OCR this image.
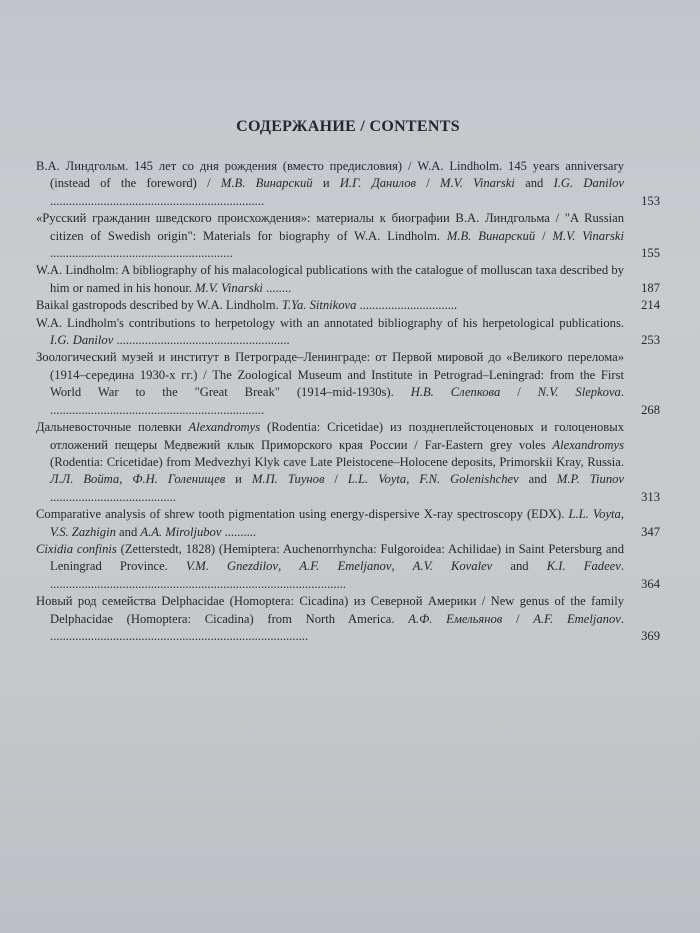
СОДЕРЖАНИЕ / CONTENTS
В.А. Линдгольм. 145 лет со дня рождения (вместо предисловия) / W.A. Lindholm. 145 years anniversary (instead of the foreword) / М.В. Винарский и И.Г. Данилов / M.V. Vinarski and I.G. Danilov ....................................................................	153
«Русский гражданин шведского происхождения»: материалы к биографии В.А. Линдгольма / "A Russian citizen of Swedish origin": Materials for biography of W.A. Lindholm. М.В. Винарский / M.V. Vinarski ..........................................................	155
W.A. Lindholm: A bibliography of his malacological publications with the catalogue of molluscan taxa described by him or named in his honour. M.V. Vinarski ........	187
Baikal gastropods described by W.A. Lindholm. T.Ya. Sitnikova ...............................	214
W.A. Lindholm's contributions to herpetology with an annotated bibliography of his herpetological publications. I.G. Danilov .......................................................	253
Зоологический музей и институт в Петрограде–Ленинграде: от Первой мировой до «Великого перелома» (1914–середина 1930-х гг.) / The Zoological Museum and Institute in Petrograd–Leningrad: from the First World War to the "Great Break" (1914–mid-1930s). Н.В. Слепкова / N.V. Slepkova. ....................................................................	268
Дальневосточные полевки Alexandromys (Rodentia: Cricetidae) из позднеплейстоценовых и голоценовых отложений пещеры Медвежий клык Приморского края России / Far-Eastern grey voles Alexandromys (Rodentia: Cricetidae) from Medvezhyi Klyk cave Late Pleistocene–Holocene deposits, Primorskii Kray, Russia. Л.Л. Войта, Ф.Н. Голенищев и М.П. Тиунов / L.L. Voyta, F.N. Golenishchev and M.P. Tiunov ........................................	313
Comparative analysis of shrew tooth pigmentation using energy-dispersive X-ray spectroscopy (EDX). L.L. Voyta, V.S. Zazhigin and A.A. Miroljubov ..........	347
Cixidia confinis (Zetterstedt, 1828) (Hemiptera: Auchenorrhyncha: Fulgoroidea: Achilidae) in Saint Petersburg and Leningrad Province. V.M. Gnezdilov, A.F. Emeljanov, A.V. Kovalev and K.I. Fadeev. ..............................................................................................	364
Новый род семейства Delphacidae (Homoptera: Cicadina) из Северной Америки / New genus of the family Delphacidae (Homoptera: Cicadina) from North America. А.Ф. Емельянов / A.F. Emeljanov. ..................................................................................	369
